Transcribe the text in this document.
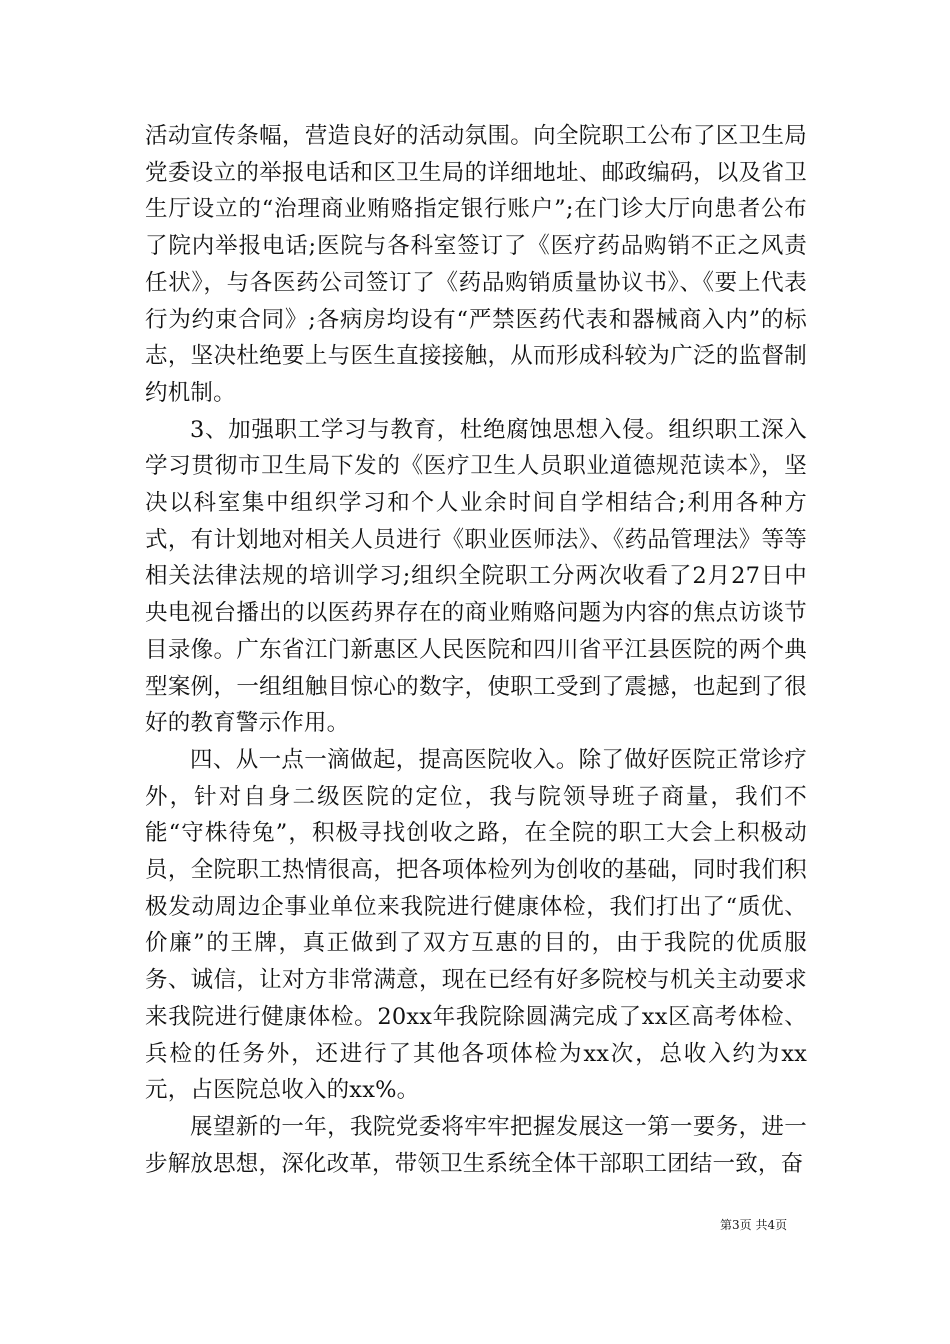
活动宣传条幅，营造良好的活动氛围。向全院职工公布了区卫生局党委设立的举报电话和区卫生局的详细地址、邮政编码，以及省卫生厅设立的“治理商业贿赂指定银行账户”;在门诊大厅向患者公布了院内举报电话;医院与各科室签订了《医疗药品购销不正之风责任状》，与各医药公司签订了《药品购销质量协议书》、《要上代表行为约束合同》;各病房均设有“严禁医药代表和器械商入内”的标志，坚决杜绝要上与医生直接接触，从而形成科较为广泛的监督制约机制。

3、加强职工学习与教育，杜绝腐蚀思想入侵。组织职工深入学习贯彻市卫生局下发的《医疗卫生人员职业道德规范读本》，坚决以科室集中组织学习和个人业余时间自学相结合;利用各种方式，有计划地对相关人员进行《职业医师法》、《药品管理法》等等相关法律法规的培训学习;组织全院职工分两次收看了2月27日中央电视台播出的以医药界存在的商业贿赂问题为内容的焦点访谈节目录像。广东省江门新惠区人民医院和四川省平江县医院的两个典型案例，一组组触目惊心的数字，使职工受到了震撼，也起到了很好的教育警示作用。

四、从一点一滴做起，提高医院收入。除了做好医院正常诊疗外，针对自身二级医院的定位，我与院领导班子商量，我们不能“守株待兔”，积极寻找创收之路，在全院的职工大会上积极动员，全院职工热情很高，把各项体检列为创收的基础，同时我们积极发动周边企事业单位来我院进行健康体检，我们打出了“质优、价廉”的王牌，真正做到了双方互惠的目的，由于我院的优质服务、诚信，让对方非常满意，现在已经有好多院校与机关主动要求来我院进行健康体检。20xx年我院除圆满完成了xx区高考体检、兵检的任务外，还进行了其他各项体检为xx次，总收入约为xx元，占医院总收入的xx%。

展望新的一年，我院党委将牢牢把握发展这一第一要务，进一步解放思想，深化改革，带领卫生系统全体干部职工团结一致，奋

第3页 共4页
